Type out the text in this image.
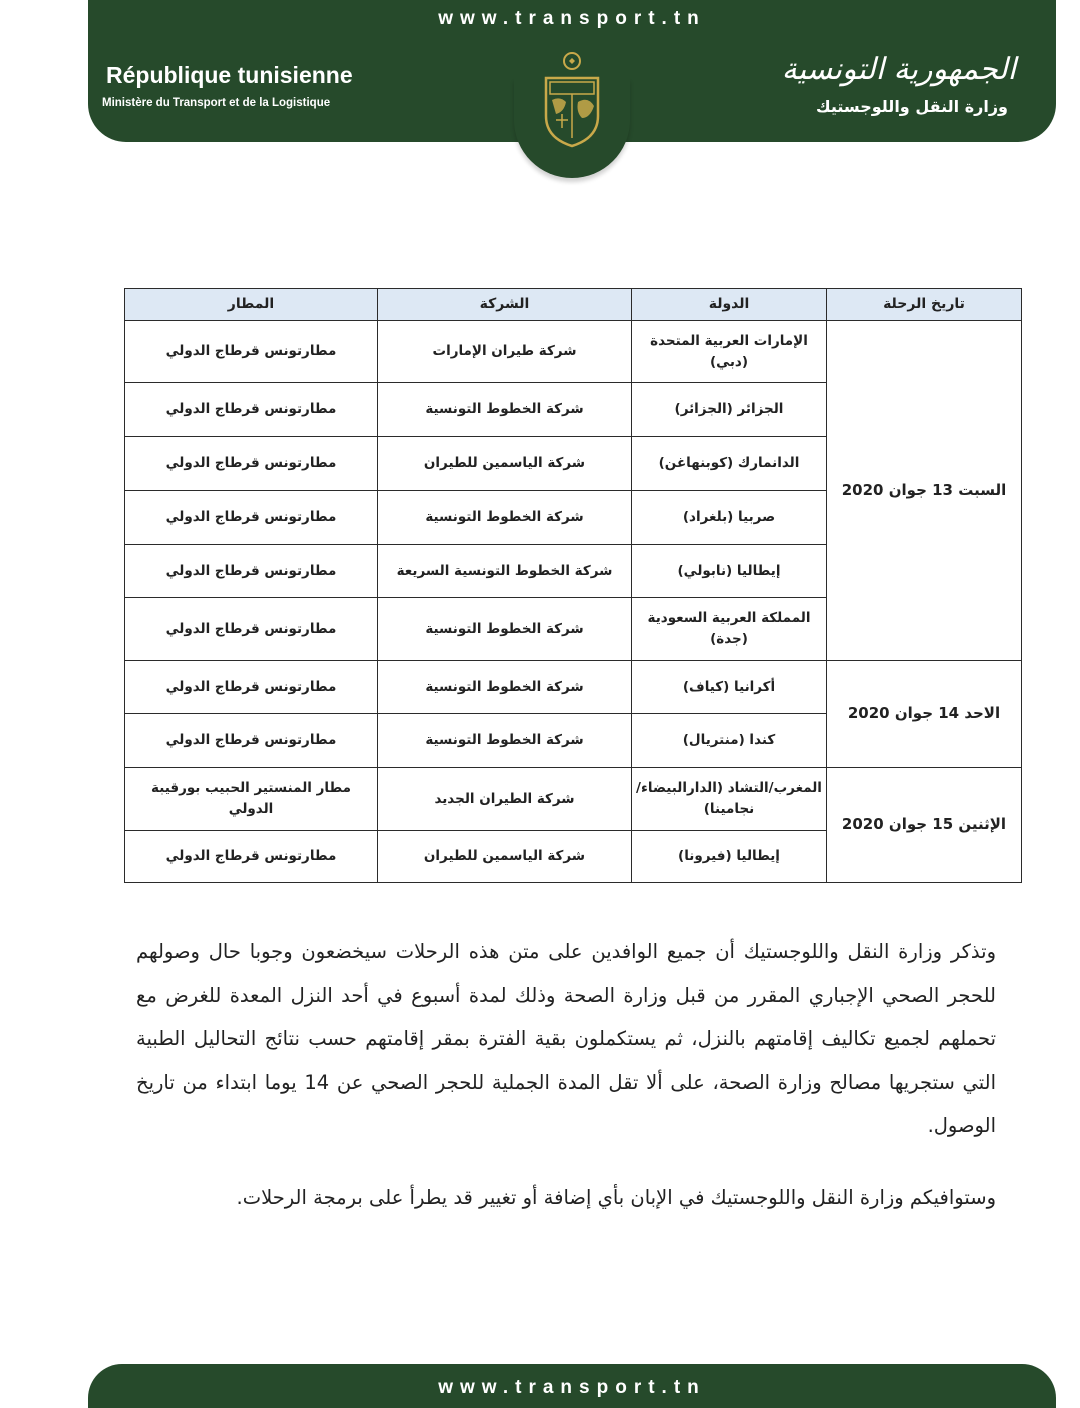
www.transport.tn
République tunisienne
Ministère du Transport et de la Logistique
الجمهورية التونسية
وزارة النقل واللوجستيك
تاريخ الرحلة	الدولة	الشركة	المطار
السبت 13 جوان 2020	الإمارات العربية المتحدة (دبي)	شركة طيران الإمارات	مطارتونس قرطاج الدولي
	الجزائر (الجزائر)	شركة الخطوط التونسية	مطارتونس قرطاج الدولي
	الدانمارك (كوبنهاغن)	شركة الياسمين للطيران	مطارتونس قرطاج الدولي
	صربيا (بلغراد)	شركة الخطوط التونسية	مطارتونس قرطاج الدولي
	إيطاليا (نابولي)	شركة الخطوط التونسية السريعة	مطارتونس قرطاج الدولي
	المملكة العربية السعودية (جدة)	شركة الخطوط التونسية	مطارتونس قرطاج الدولي
الاحد 14 جوان 2020	أكرانيا (كياف)	شركة الخطوط التونسية	مطارتونس قرطاج الدولي
	كندا (منتريال)	شركة الخطوط التونسية	مطارتونس قرطاج الدولي
الإثنين 15 جوان 2020	المغرب/التشاد (الدارالبيضاء/ نجامينا)	شركة الطيران الجديد	مطار المنستير الحبيب بورقيبة الدولي
	إيطاليا (فيرونا)	شركة الياسمين للطيران	مطارتونس قرطاج الدولي

وتذكر وزارة النقل واللوجستيك أن جميع الوافدين على متن هذه الرحلات سيخضعون وجوبا حال وصولهم للحجر الصحي الإجباري المقرر من قبل وزارة الصحة وذلك لمدة أسبوع في أحد النزل المعدة للغرض مع تحملهم لجميع تكاليف إقامتهم بالنزل، ثم يستكملون بقية الفترة بمقر إقامتهم حسب نتائج التحاليل الطبية التي ستجريها مصالح وزارة الصحة، على ألا تقل المدة الجملية للحجر الصحي عن 14 يوما ابتداء من تاريخ الوصول.

وستوافيكم وزارة النقل واللوجستيك في الإبان بأي إضافة أو تغيير قد يطرأ على برمجة الرحلات.

www.transport.tn
